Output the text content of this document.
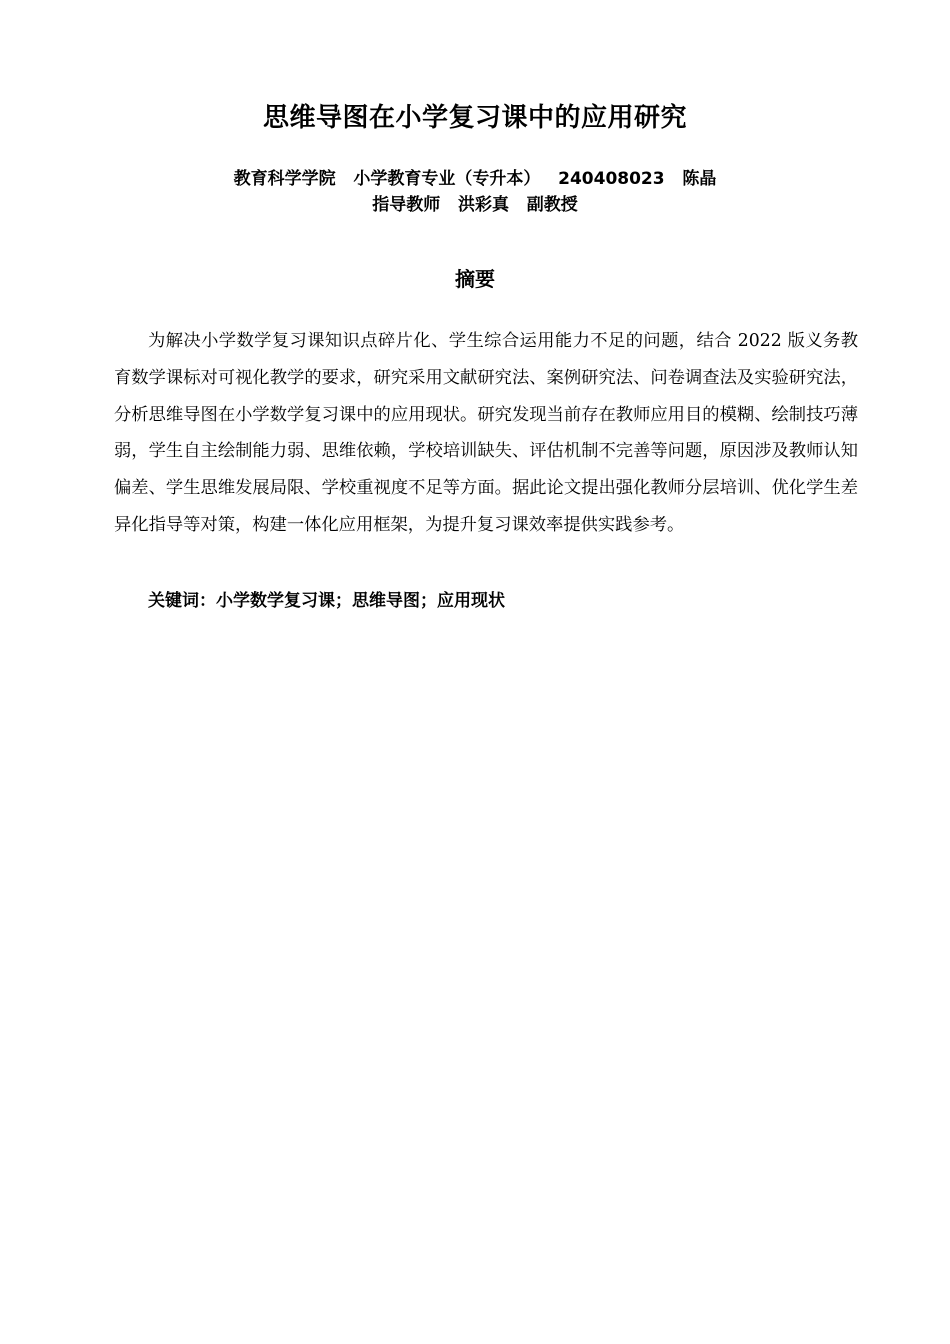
思维导图在小学复习课中的应用研究
教育科学学院   小学教育专业（专升本）   240408023   陈晶
指导教师   洪彩真   副教授
摘要

为解决小学数学复习课知识点碎片化、学生综合运用能力不足的问题，结合 2022 版义务教育数学课标对可视化教学的要求，研究采用文献研究法、案例研究法、问卷调查法及实验研究法，分析思维导图在小学数学复习课中的应用现状。研究发现当前存在教师应用目的模糊、绘制技巧薄弱，学生自主绘制能力弱、思维依赖，学校培训缺失、评估机制不完善等问题，原因涉及教师认知偏差、学生思维发展局限、学校重视度不足等方面。据此论文提出强化教师分层培训、优化学生差异化指导等对策，构建一体化应用框架，为提升复习课效率提供实践参考。

关键词：小学数学复习课；思维导图；应用现状
